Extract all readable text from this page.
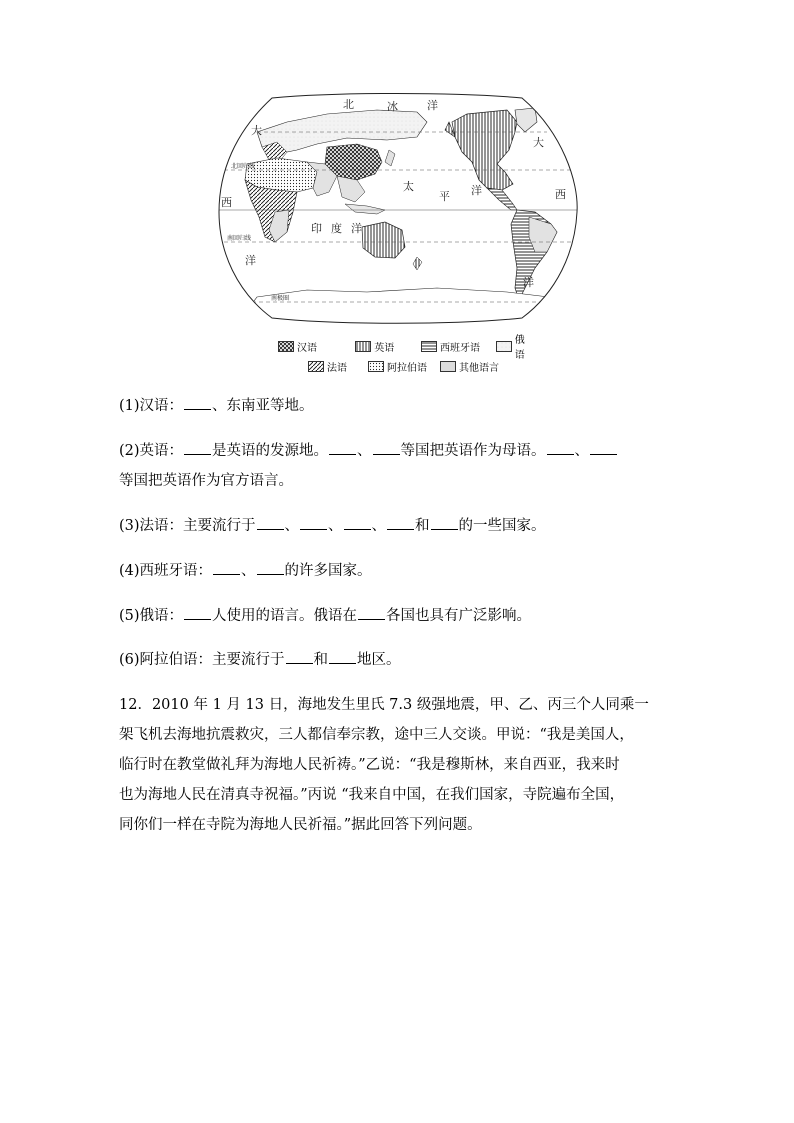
北	冰	洋
大
西
洋
太
平 洋
大
西
洋
印 度 洋
北回归线
南回归线
南极圈
汉语	英语	西班牙语
俄语
法语	阿拉伯语	其他语言
(1)汉语： 、东南亚等地。
(2)英语： 是英语的发源地。 、 等国把英语作为母语。 、
等国把英语作为官方语言。
(3)法语：主要流行于 、 、 、 和 的一些国家。
(4)西班牙语： 、 的许多国家。
(5)俄语： 人使用的语言。俄语在 各国也具有广泛影响。
(6)阿拉伯语：主要流行于 和 地区。
12．2010 年 1 月 13 日，海地发生里氏 7.3 级强地震，甲、乙、丙三个人同乘一
架飞机去海地抗震救灾，三人都信奉宗教，途中三人交谈。甲说：“我是美国人，
临行时在教堂做礼拜为海地人民祈祷。”乙说：“我是穆斯林，来自西亚，我来时
也为海地人民在清真寺祝福。”丙说 “我来自中国，在我们国家，寺院遍布全国，
同你们一样在寺院为海地人民祈福。”据此回答下列问题。
